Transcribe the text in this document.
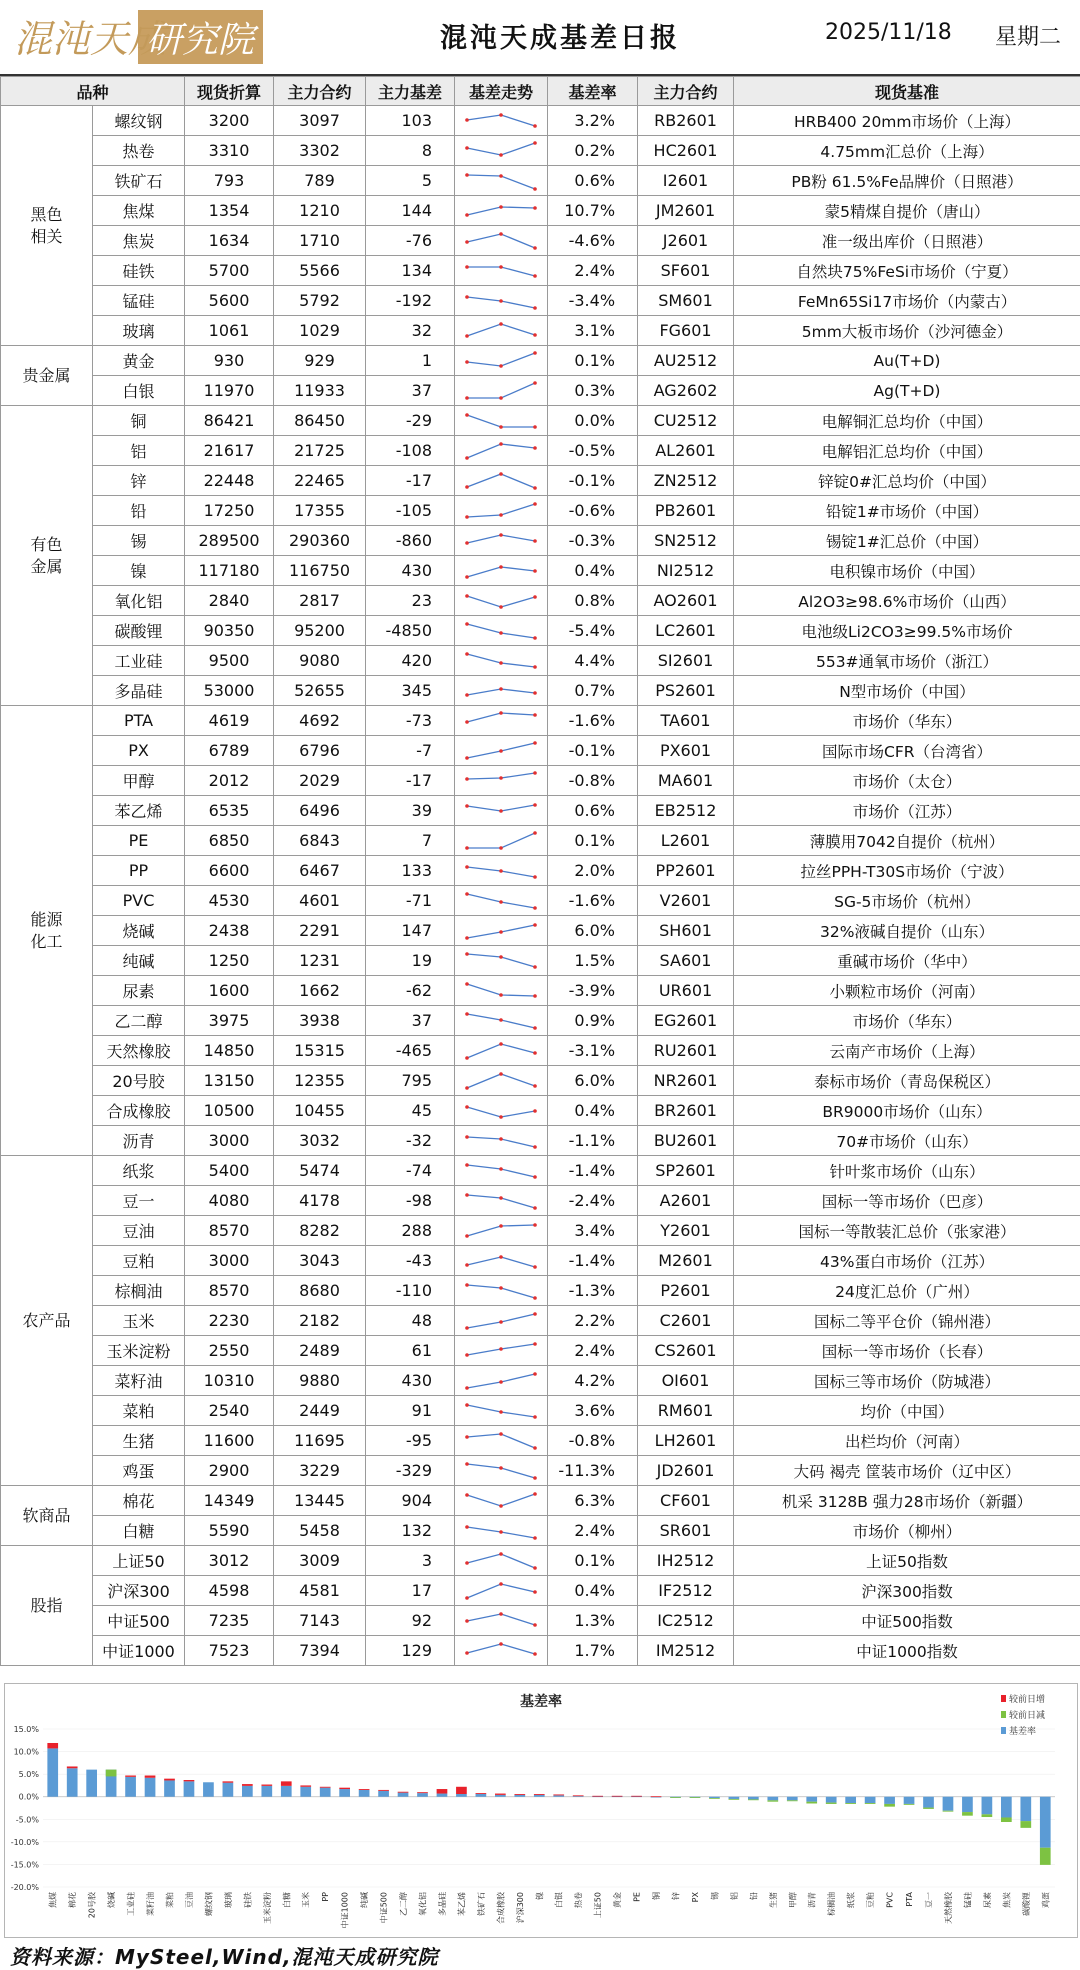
混沌天成
研究院	混沌天成基差日报	2025/11/18 星期二
品种		现货折算	主力合约	主力基差	基差走势	基差率	主力合约	现货基准
黑色
相关	螺纹钢	3200	3097	103		3.2%	RB2601	HRB400 20mm市场价（上海）
	热卷	3310	3302	8		0.2%	HC2601	4.75mm汇总价（上海）
	铁矿石	793	789	5		0.6%	I2601	PB粉 61.5%Fe品牌价（日照港）
	焦煤	1354	1210	144		10.7%	JM2601	蒙5精煤自提价（唐山）
	焦炭	1634	1710	-76		-4.6%	J2601	准一级出库价（日照港）
	硅铁	5700	5566	134		2.4%	SF601	自然块75%FeSi市场价（宁夏）
	锰硅	5600	5792	-192		-3.4%	SM601	FeMn65Si17市场价（内蒙古）
	玻璃	1061	1029	32		3.1%	FG601	5mm大板市场价（沙河德金）
贵金属	黄金	930	929	1		0.1%	AU2512	Au(T+D)
	白银	11970	11933	37		0.3%	AG2602	Ag(T+D)
有色
金属	铜	86421	86450	-29		0.0%	CU2512	电解铜汇总均价（中国）
	铝	21617	21725	-108		-0.5%	AL2601	电解铝汇总均价（中国）
	锌	22448	22465	-17		-0.1%	ZN2512	锌锭0#汇总均价（中国）
	铅	17250	17355	-105		-0.6%	PB2601	铅锭1#市场价（中国）
	锡	289500	290360	-860		-0.3%	SN2512	锡锭1#汇总价（中国）
	镍	117180	116750	430		0.4%	NI2512	电积镍市场价（中国）
	氧化铝	2840	2817	23		0.8%	AO2601	Al2O3≥98.6%市场价（山西）
	碳酸锂	90350	95200	-4850		-5.4%	LC2601	电池级Li2CO3≥99.5%市场价
	工业硅	9500	9080	420		4.4%	SI2601	553#通氧市场价（浙江）
	多晶硅	53000	52655	345		0.7%	PS2601	N型市场价（中国）
能源
化工	PTA	4619	4692	-73		-1.6%	TA601	市场价（华东）
	PX	6789	6796	-7		-0.1%	PX601	国际市场CFR（台湾省）
	甲醇	2012	2029	-17		-0.8%	MA601	市场价（太仓）
	苯乙烯	6535	6496	39		0.6%	EB2512	市场价（江苏）
	PE	6850	6843	7		0.1%	L2601	薄膜用7042自提价（杭州）
	PP	6600	6467	133		2.0%	PP2601	拉丝PPH-T30S市场价（宁波）
	PVC	4530	4601	-71		-1.6%	V2601	SG-5市场价（杭州）
	烧碱	2438	2291	147		6.0%	SH601	32%液碱自提价（山东）
	纯碱	1250	1231	19		1.5%	SA601	重碱市场价（华中）
	尿素	1600	1662	-62		-3.9%	UR601	小颗粒市场价（河南）
	乙二醇	3975	3938	37		0.9%	EG2601	市场价（华东）
	天然橡胶	14850	15315	-465		-3.1%	RU2601	云南产市场价（上海）
	20号胶	13150	12355	795		6.0%	NR2601	泰标市场价（青岛保税区）
	合成橡胶	10500	10455	45		0.4%	BR2601	BR9000市场价（山东）
	沥青	3000	3032	-32		-1.1%	BU2601	70#市场价（山东）
农产品	纸浆	5400	5474	-74		-1.4%	SP2601	针叶浆市场价（山东）
	豆一	4080	4178	-98		-2.4%	A2601	国标一等市场价（巴彦）
	豆油	8570	8282	288		3.4%	Y2601	国标一等散装汇总价（张家港）
	豆粕	3000	3043	-43		-1.4%	M2601	43%蛋白市场价（江苏）
	棕榈油	8570	8680	-110		-1.3%	P2601	24度汇总价（广州）
	玉米	2230	2182	48		2.2%	C2601	国标二等平仓价（锦州港）
	玉米淀粉	2550	2489	61		2.4%	CS2601	国标一等市场价（长春）
	菜籽油	10310	9880	430		4.2%	OI601	国标三等市场价（防城港）
	菜粕	2540	2449	91		3.6%	RM601	均价（中国）
	生猪	11600	11695	-95		-0.8%	LH2601	出栏均价（河南）
	鸡蛋	2900	3229	-329		-11.3%	JD2601	大码 褐壳 筐装市场价（辽中区）
软商品	棉花	14349	13445	904		6.3%	CF601	机采 3128B 强力28市场价（新疆）
	白糖	5590	5458	132		2.4%	SR601	市场价（柳州）
股指	上证50	3012	3009	3		0.1%	IH2512	上证50指数
	沪深300	4598	4581	17		0.4%	IF2512	沪深300指数
	中证500	7235	7143	92		1.3%	IC2512	中证500指数
	中证1000	7523	7394	129		1.7%	IM2512	中证1000指数
基差率
15.0%
10.0%
5.0%
0.0%
-5.0%
-10.0%
-15.0%
-20.0%
较前日增
较前日减
基差率
焦煤 棉花 20号胶 烧碱 工业硅 菜籽油 菜粕 豆油 螺纹钢 玻璃 硅铁 玉米淀粉 白糖 玉米 PP 中证1000 纯碱 中证500 乙二醇 氧化铝 多晶硅 苯乙烯 铁矿石 合成橡胶 沪深300 镍 白银 热卷 上证50 黄金 PE 铜 锌 PX 锡 铝 铅 生猪 甲醇 沥青 棕榈油 纸浆 豆粕 PVC PTA 豆一 天然橡胶 锰硅 尿素 焦炭 碳酸锂 鸡蛋
资料来源：MySteel,Wind,混沌天成研究院
